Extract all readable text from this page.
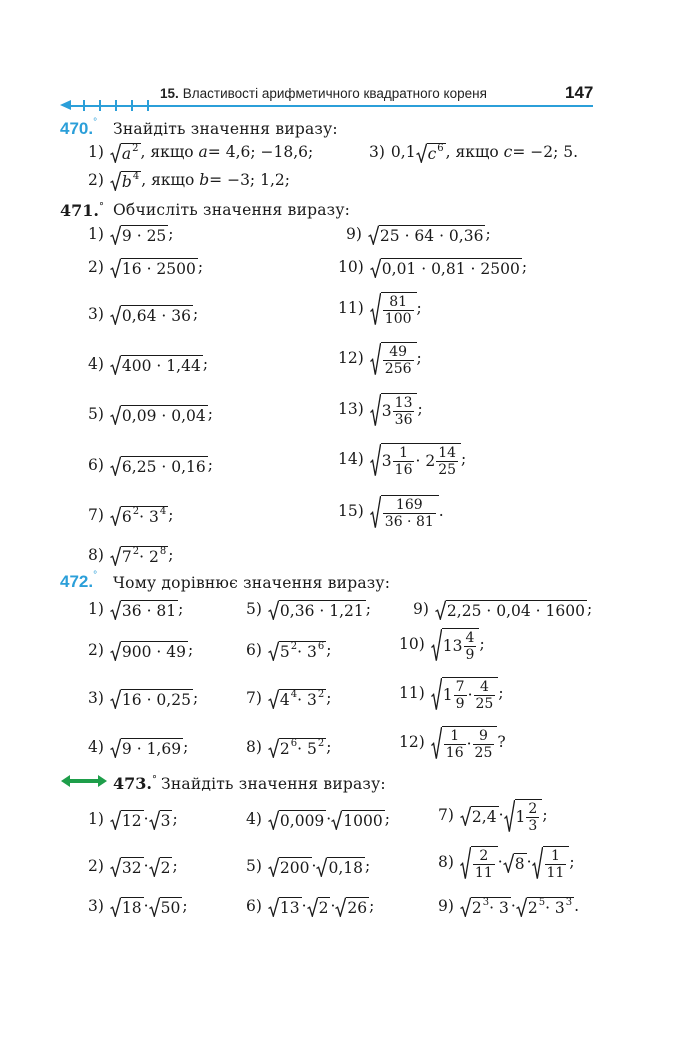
15. Властивості арифметичного квадратного кореня	147
470.° Знайдіть значення виразу:
1) a 2 , якщо
a = 4,6; −18,6;
2) b 4 , якщо
b = −3; 1,2;
3) 0,1 c 6 , якщо
c = −2; 5.
471.° Обчисліть значення виразу:
1) 9 · 25 ;
2) 16 · 2500 ;
3) 0,64 · 36 ;
4) 400 · 1,44 ;
5) 0,09 · 0,04 ;
6) 6,25 · 0,16 ;
7) 6 2 · 3 4 ;
8) 7 2 · 2 8 ;
9) 25 · 64 · 0,36 ;
10) 0,01 · 0,81 · 2500 ;
11) 81
100
;
12) 49
256
;
13) 3 13
36
;
14) 3 1
16
· 2 14
25
;
15) 169
36 · 81
.
472.° Чому дорівнює значення виразу:
1) 36 · 81 ;
2) 900 · 49 ;
3) 16 · 0,25 ;
4) 9 · 1,69 ;
5) 0,36 · 1,21 ;
6) 5 2 · 3 6 ;
7) 4 4 · 3 2 ;
8) 2 6 · 5 2 ;
9) 2,25 · 0,04 · 1600 ;
10) 13 4
9
;
11) 1 7
9
· 4
25
;
12) 1
16
· 9
25
?
473.° Знайдіть значення виразу:
1) 12 · 3 ;
2) 32 · 2 ;
3) 18 · 50 ;
4) 0,009 · 1000 ;
5) 200 · 0,18 ;
6) 13 · 2 · 26 ;
7) 2,4 · 1 2
3
;
8) 2
11
· 8 · 1
11
;
9) 2 3 · 3 · 2 5 · 3 3 .
